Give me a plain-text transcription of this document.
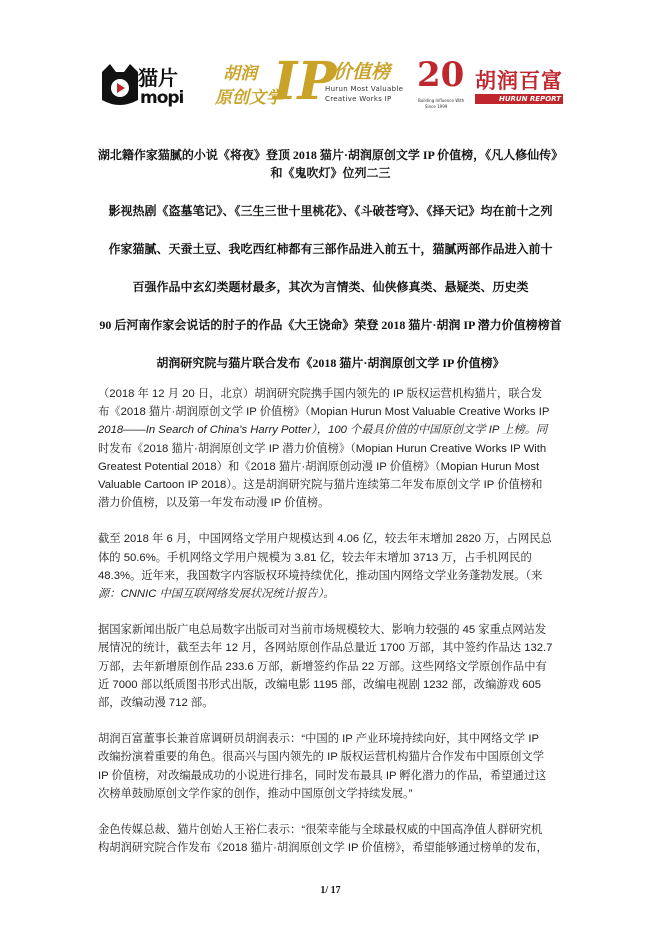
猫片
mopi
胡润
原创文学
IP
价值榜
Hurun Most Valuable
Creative Works IP
20
Building Influence With
Since 1999
胡润百富
HURUN REPORT
湖北籍作家猫腻的小说《将夜》登顶 2018 猫片·胡润原创文学 IP 价值榜，《凡人修仙传》
和《鬼吹灯》位列二三
影视热剧《盗墓笔记》、《三生三世十里桃花》、《斗破苍穹》、《择天记》均在前十之列
作家猫腻、天蚕土豆、我吃西红柿都有三部作品进入前五十，猫腻两部作品进入前十
百强作品中玄幻类题材最多，其次为言情类、仙侠修真类、悬疑类、历史类
90 后河南作家会说话的肘子的作品《大王饶命》荣登 2018 猫片·胡润 IP 潜力价值榜榜首
胡润研究院与猫片联合发布《2018 猫片·胡润原创文学 IP 价值榜》
（2018 年 12 月 20 日，北京）胡润研究院携手国内领先的 IP 版权运营机构猫片，联合发
布《2018 猫片·胡润原创文学 IP 价值榜》（Mopian Hurun Most Valuable Creative Works IP
2018——In Search of China's Harry Potter），100 个最具价值的中国原创文学 IP 上榜。同
时发布《2018 猫片·胡润原创文学 IP 潜力价值榜》（Mopian Hurun Creative Works IP With
Greatest Potential 2018）和《2018 猫片·胡润原创动漫 IP 价值榜》（Mopian Hurun Most
Valuable Cartoon IP 2018）。这是胡润研究院与猫片连续第二年发布原创文学 IP 价值榜和
潜力价值榜，以及第一年发布动漫 IP 价值榜。
截至 2018 年 6 月，中国网络文学用户规模达到 4.06 亿，较去年末增加 2820 万，占网民总
体的 50.6%。手机网络文学用户规模为 3.81 亿，较去年末增加 3713 万，占手机网民的
48.3%。近年来，我国数字内容版权环境持续优化，推动国内网络文学业务蓬勃发展。（来
源：CNNIC 中国互联网络发展状况统计报告）。
据国家新闻出版广电总局数字出版司对当前市场规模较大、影响力较强的 45 家重点网站发
展情况的统计，截至去年 12 月，各网站原创作品总量近 1700 万部，其中签约作品达 132.7
万部，去年新增原创作品 233.6 万部，新增签约作品 22 万部。这些网络文学原创作品中有
近 7000 部以纸质图书形式出版，改编电影 1195 部，改编电视剧 1232 部，改编游戏 605
部，改编动漫 712 部。
胡润百富董事长兼首席调研员胡润表示：“中国的 IP 产业环境持续向好，其中网络文学 IP
改编扮演着重要的角色。很高兴与国内领先的 IP 版权运营机构猫片合作发布中国原创文学
IP 价值榜，对改编最成功的小说进行排名，同时发布最具 IP 孵化潜力的作品，希望通过这
次榜单鼓励原创文学作家的创作，推动中国原创文学持续发展。”
金色传媒总裁、猫片创始人王裕仁表示：“很荣幸能与全球最权威的中国高净值人群研究机
构胡润研究院合作发布《2018 猫片·胡润原创文学 IP 价值榜》，希望能够通过榜单的发布，
1/ 17
